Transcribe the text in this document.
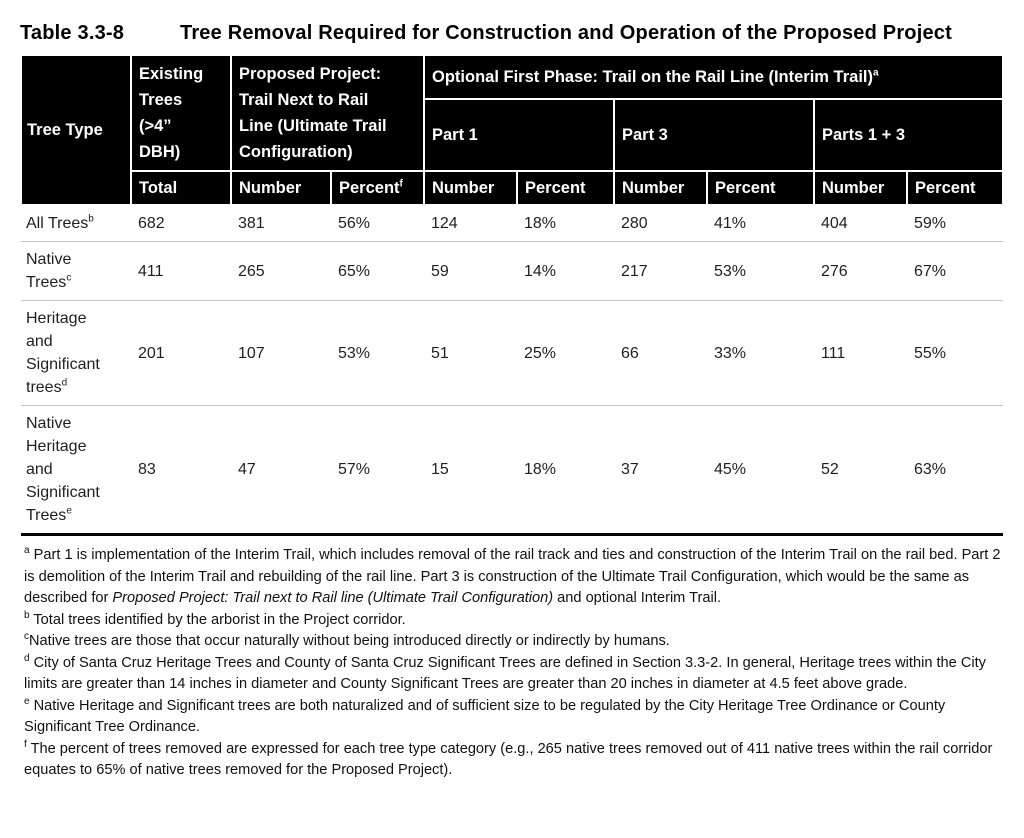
Table 3.3-8	Tree Removal Required for Construction and Operation of the Proposed Project
Tree Type	Existing Trees (>4” DBH)	Proposed Project: Trail Next to Rail Line (Ultimate Trail Configuration)		Optional First Phase: Trail on the Rail Line (Interim Trail)$^a$
				Part 1		Part 3		Parts 1 + 3	
	Total	Number	Percent$^f$	Number	Percent	Number	Percent	Number	Percent
All Trees$^b$	682	381	56%	124	18%	280	41%	404	59%
Native Trees$^c$	411	265	65%	59	14%	217	53%	276	67%
Heritage and Significant trees$^d$	201	107	53%	51	25%	66	33%	111	55%
Native Heritage and Significant Trees$^e$	83	47	57%	15	18%	37	45%	52	63%
$^a$ Part 1 is implementation of the Interim Trail, which includes removal of the rail track and ties and construction of the Interim Trail on the rail bed. Part 2 is demolition of the Interim Trail and rebuilding of the rail line. Part 3 is construction of the Ultimate Trail Configuration, which would be the same as described for Proposed Project: Trail next to Rail line (Ultimate Trail Configuration) and optional Interim Trail.
$^b$ Total trees identified by the arborist in the Project corridor.
$^c$Native trees are those that occur naturally without being introduced directly or indirectly by humans.
$^d$ City of Santa Cruz Heritage Trees and County of Santa Cruz Significant Trees are defined in Section 3.3-2. In general, Heritage trees within the City limits are greater than 14 inches in diameter and County Significant Trees are greater than 20 inches in diameter at 4.5 feet above grade.
$^e$ Native Heritage and Significant trees are both naturalized and of sufficient size to be regulated by the City Heritage Tree Ordinance or County Significant Tree Ordinance.
$^f$ The percent of trees removed are expressed for each tree type category (e.g., 265 native trees removed out of 411 native trees within the rail corridor equates to 65% of native trees removed for the Proposed Project).
